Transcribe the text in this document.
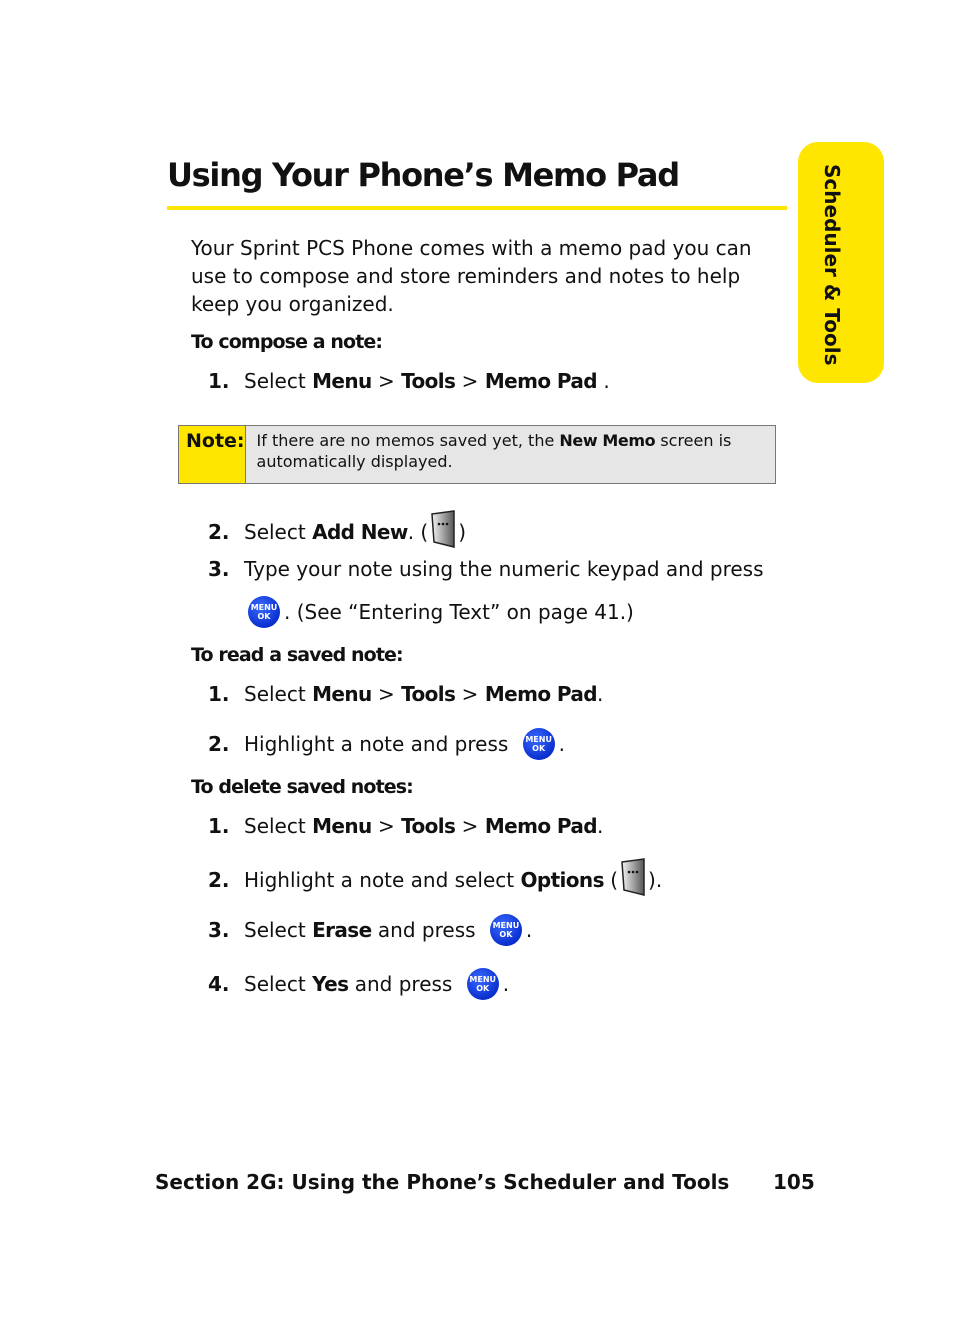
Using Your Phone’s Memo Pad	Scheduler & Tools
Your Sprint PCS Phone comes with a memo pad you can use to compose and store reminders and notes to help keep you organized.
To compose a note:
1. Select Menu > Tools > Memo Pad .
Note: If there are no memos saved yet, the New Memo screen is automatically displayed.
2. Select Add New . ( )
3. Type your note using the numeric keypad and press
MENU
OK . (See “Entering Text” on page 41.)
To read a saved note:
1. Select Menu > Tools > Memo Pad .
2. Highlight a note and press MENU
OK .
To delete saved notes:
1. Select Menu > Tools > Memo Pad .
2. Highlight a note and select Options ( ).
3. Select Erase and press MENU
OK .
4. Select Yes and press MENU
OK .
Section 2G: Using the Phone’s Scheduler and Tools 105
